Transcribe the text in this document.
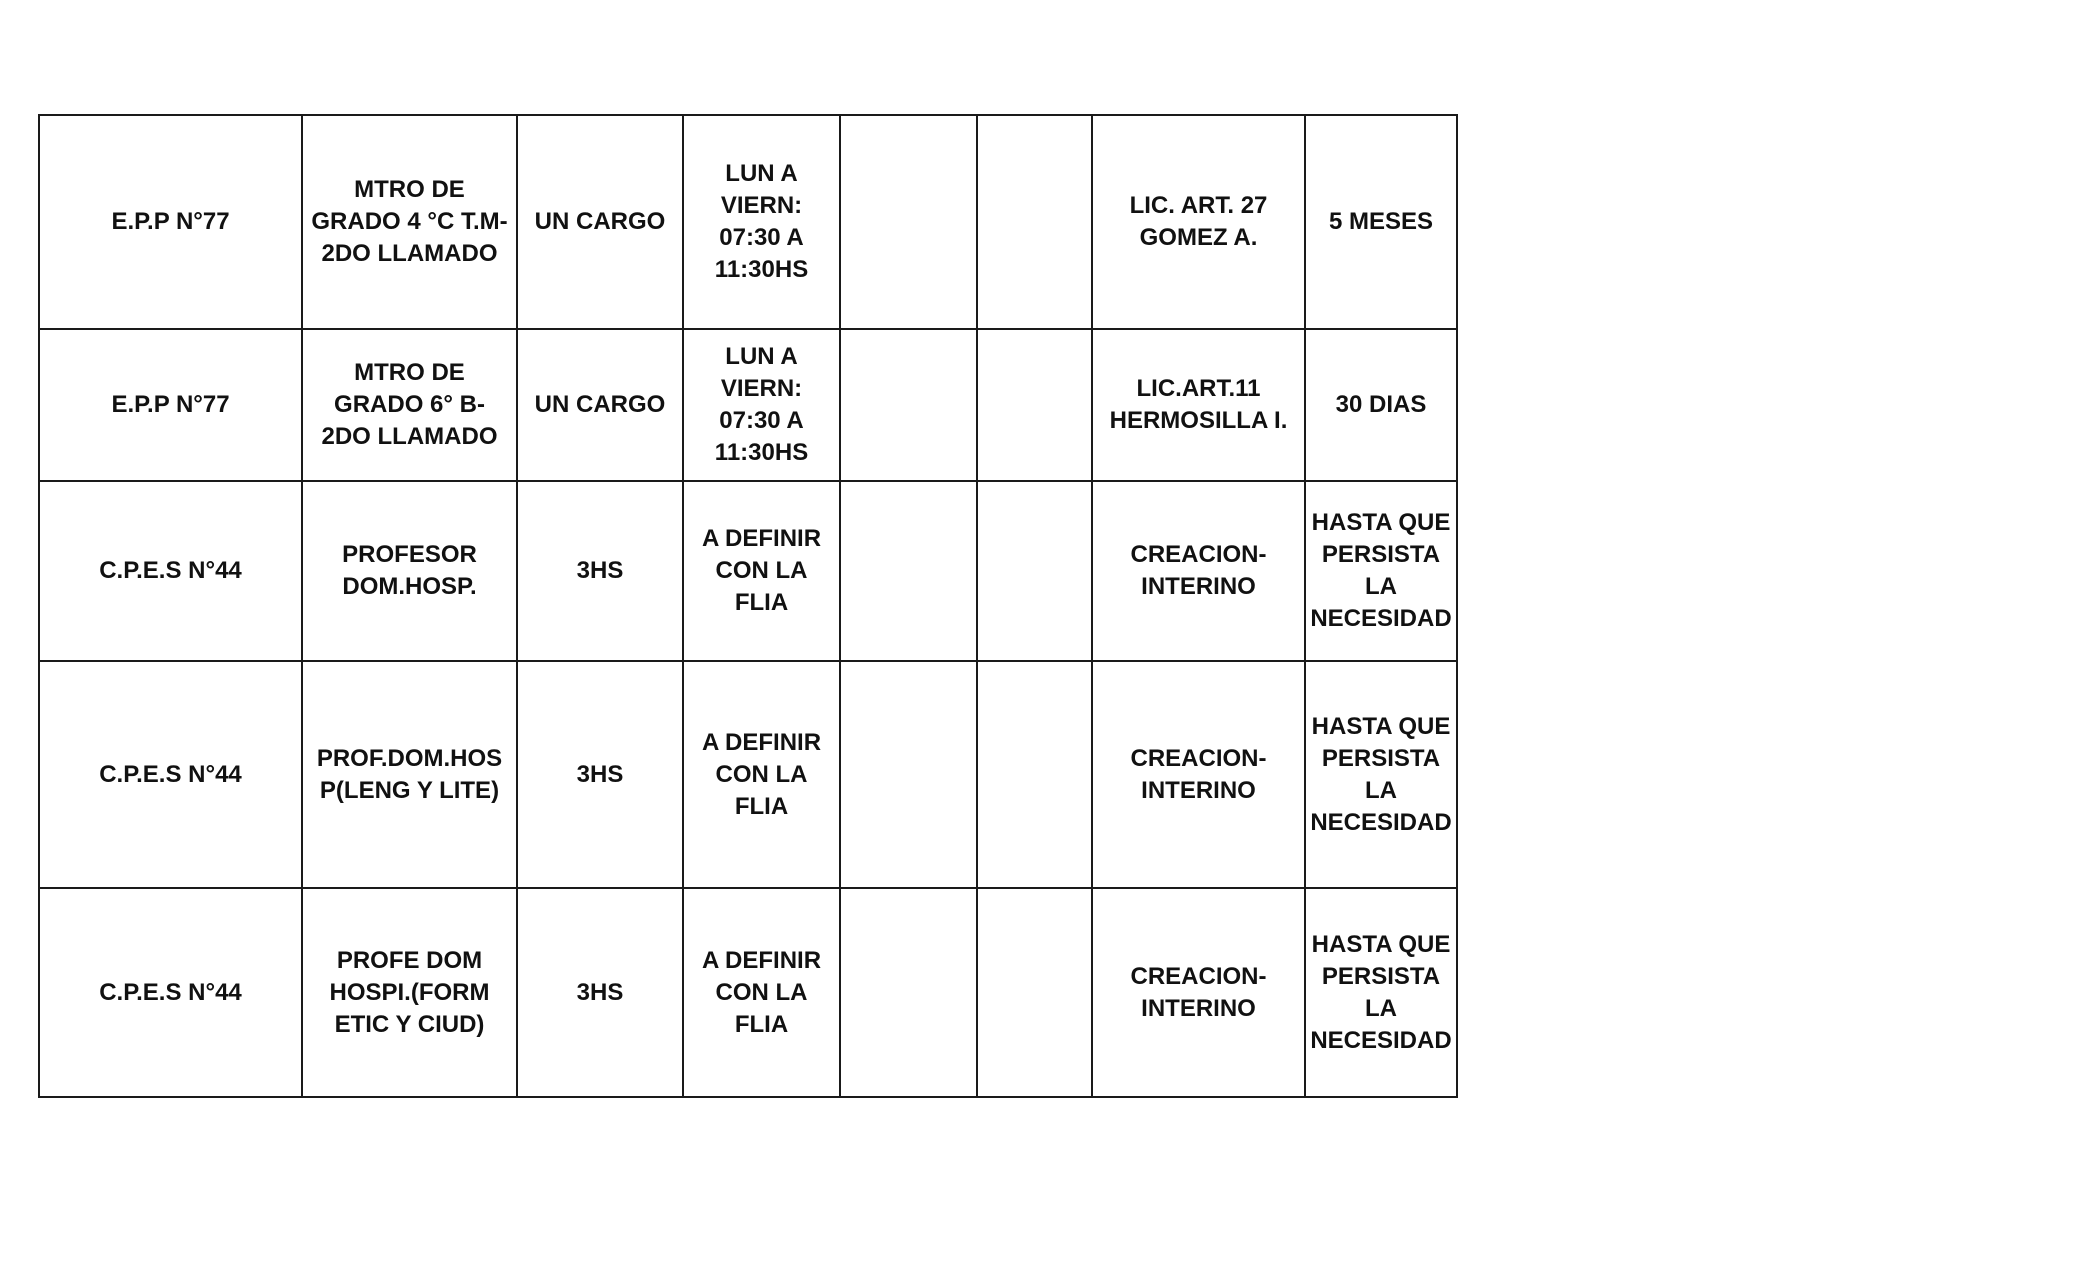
E.P.P N°77	MTRO DE
GRADO 4 °C T.M-
2DO LLAMADO	UN CARGO	LUN A
VIERN:
07:30 A
11:30HS			LIC. ART. 27
GOMEZ A.	5 MESES
E.P.P N°77	MTRO DE
GRADO 6° B-
2DO LLAMADO	UN CARGO	LUN A
VIERN:
07:30 A
11:30HS			LIC.ART.11
HERMOSILLA I.	30 DIAS
C.P.E.S N°44	PROFESOR
DOM.HOSP.	3HS	A DEFINIR
CON LA
FLIA			CREACION-
INTERINO	HASTA QUE
PERSISTA
LA
NECESIDAD
C.P.E.S N°44	PROF.DOM.HOS
P(LENG Y LITE)	3HS	A DEFINIR
CON LA
FLIA			CREACION-
INTERINO	HASTA QUE
PERSISTA
LA
NECESIDAD
C.P.E.S N°44	PROFE DOM
HOSPI.(FORM
ETIC Y CIUD)	3HS	A DEFINIR
CON LA
FLIA			CREACION-
INTERINO	HASTA QUE
PERSISTA
LA
NECESIDAD
